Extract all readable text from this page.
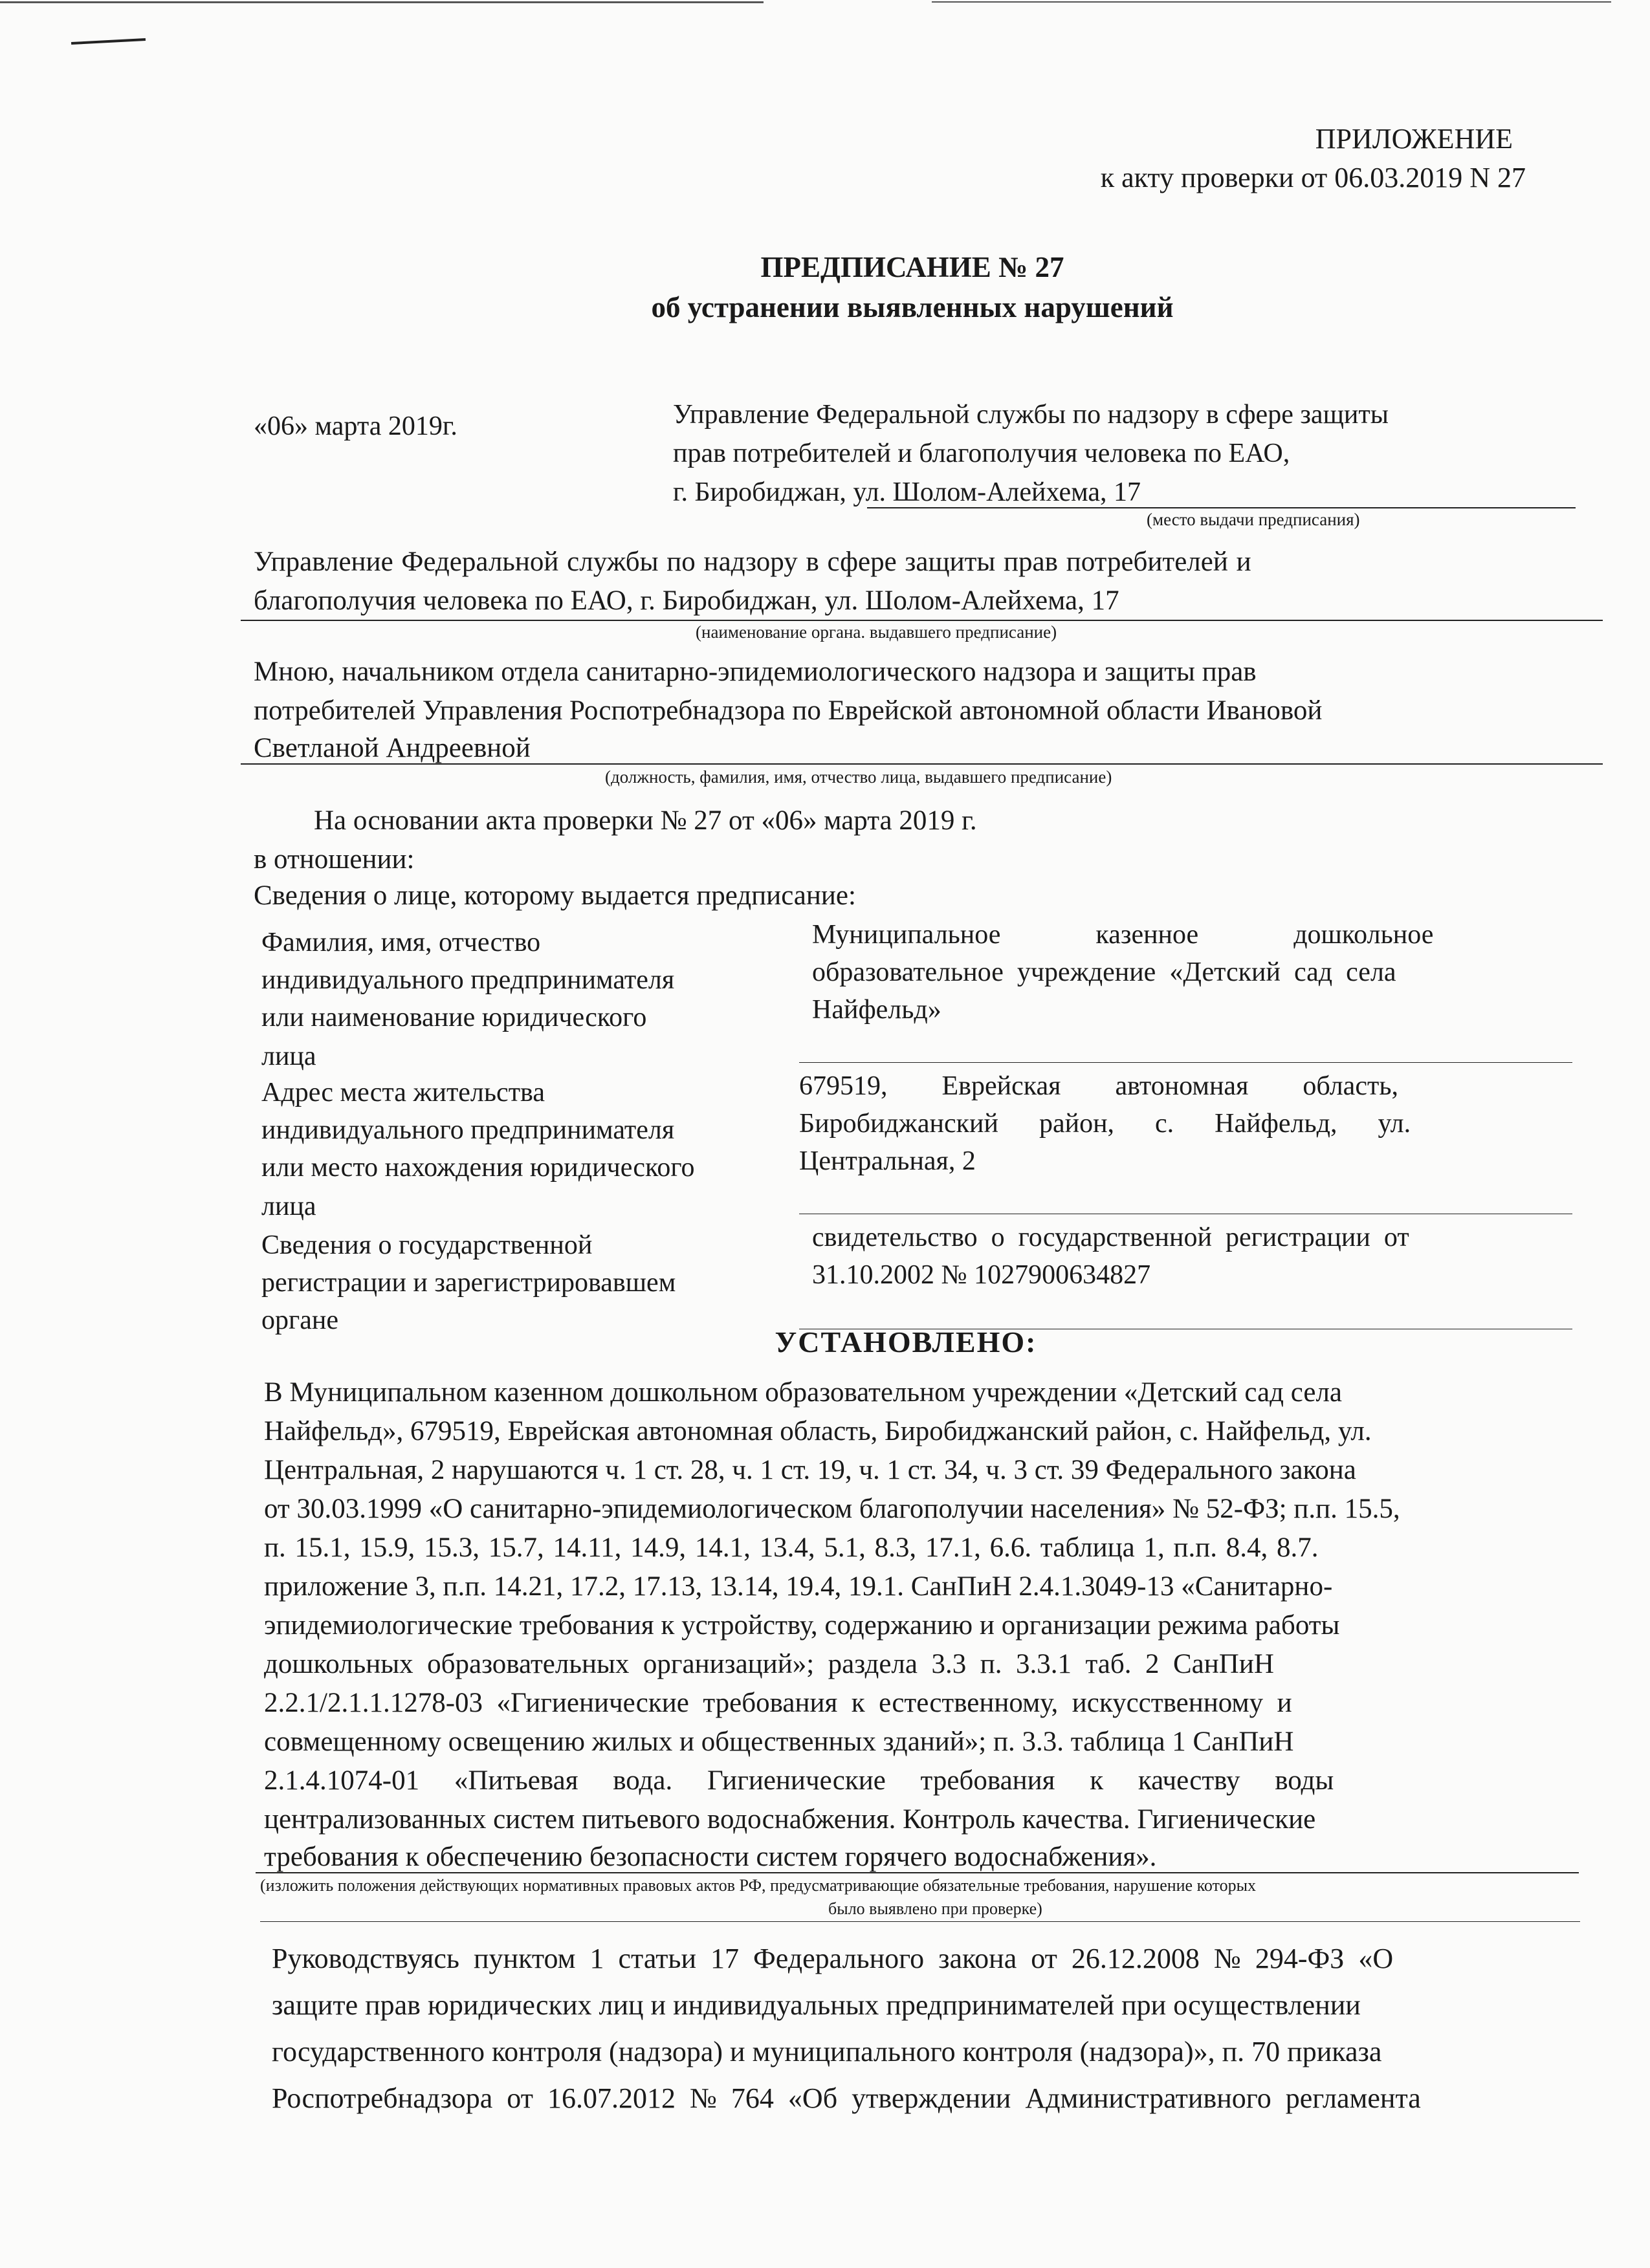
ПРИЛОЖЕНИЕ
к акту проверки от 06.03.2019 N 27
ПРЕДПИСАНИЕ № 27
об устранении выявленных нарушений
«06» марта 2019г.	Управление Федеральной службы по надзору в сфере защиты
прав потребителей и благополучия человека по ЕАО,
г. Биробиджан, ул. Шолом-Алейхема, 17
(место выдачи предписания)
Управление Федеральной службы по надзору в сфере защиты прав потребителей и
благополучия человека по ЕАО, г. Биробиджан, ул. Шолом-Алейхема, 17
(наименование органа. выдавшего предписание)
Мною, начальником отдела санитарно-эпидемиологического надзора и защиты прав
потребителей Управления Роспотребнадзора по Еврейской автономной области Ивановой
Светланой Андреевной
(должность, фамилия, имя, отчество лица, выдавшего предписание)
На основании акта проверки № 27 от «06» марта 2019 г.
в отношении:
Сведения о лице, которому выдается предписание:
Фамилия, имя, отчество
индивидуального предпринимателя
или наименование юридического
лица
Муниципальное              казенное              дошкольное
образовательное  учреждение  «Детский  сад  села
Найфельд»
Адрес места жительства
индивидуального предпринимателя
или место нахождения юридического
лица
679519,        Еврейская        автономная        область,
Биробиджанский      район,      с.      Найфельд,      ул.
Центральная, 2
Сведения о государственной
регистрации и зарегистрировавшем
органе
свидетельство  о  государственной  регистрации  от
31.10.2002 № 1027900634827
УСТАНОВЛЕНО:
В Муниципальном казенном дошкольном образовательном учреждении «Детский сад села
Найфельд», 679519, Еврейская автономная область, Биробиджанский район, с. Найфельд, ул.
Центральная, 2 нарушаются ч. 1 ст. 28, ч. 1 ст. 19, ч. 1 ст. 34, ч. 3 ст. 39 Федерального закона
от 30.03.1999 «О санитарно-эпидемиологическом благополучии населения» № 52-ФЗ; п.п. 15.5,
п. 15.1, 15.9, 15.3, 15.7, 14.11, 14.9, 14.1, 13.4, 5.1, 8.3, 17.1, 6.6. таблица 1, п.п. 8.4, 8.7.
приложение 3, п.п. 14.21, 17.2, 17.13, 13.14, 19.4, 19.1. СанПиН 2.4.1.3049-13 «Санитарно-
эпидемиологические требования к устройству, содержанию и организации режима работы
дошкольных  образовательных  организаций»;  раздела  3.3  п.  3.3.1  таб.  2  СанПиН
2.2.1/2.1.1.1278-03  «Гигиенические  требования  к  естественному,  искусственному  и
совмещенному освещению жилых и общественных зданий»; п. 3.3. таблица 1 СанПиН
2.1.4.1074-01     «Питьевая     вода.     Гигиенические     требования     к     качеству     воды
централизованных систем питьевого водоснабжения. Контроль качества. Гигиенические
требования к обеспечению безопасности систем горячего водоснабжения».
(изложить положения действующих нормативных правовых актов РФ, предусматривающие обязательные требования, нарушение которых
было выявлено при проверке)
Руководствуясь  пунктом  1  статьи  17  Федерального  закона  от  26.12.2008  №  294-ФЗ  «О
защите прав юридических лиц и индивидуальных предпринимателей при осуществлении
государственного контроля (надзора) и муниципального контроля (надзора)», п. 70 приказа
Роспотребнадзора  от  16.07.2012  №  764  «Об  утверждении  Административного  регламента
